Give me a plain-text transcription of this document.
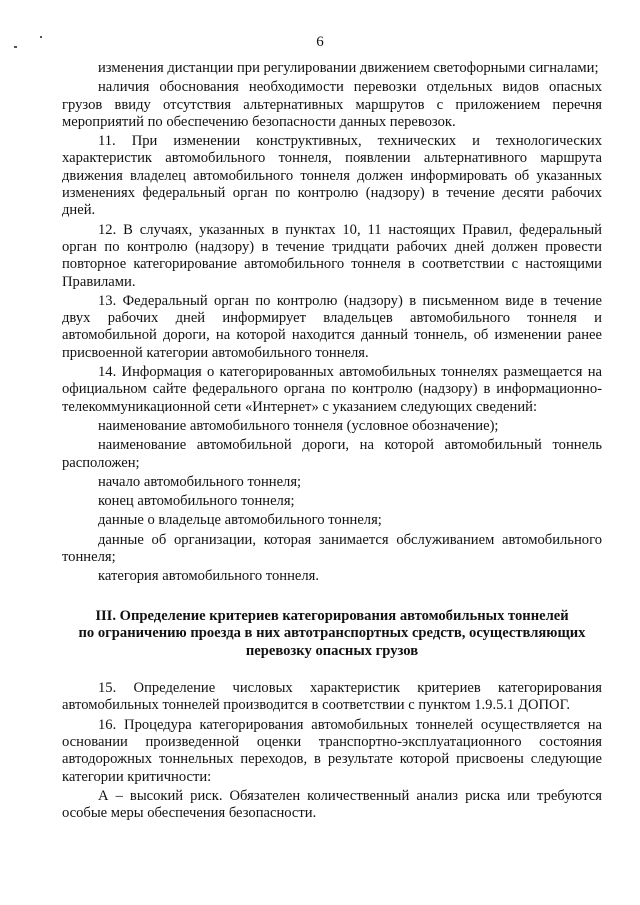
6

изменения дистанции при регулировании движением светофорными сигналами;

наличия обоснования необходимости перевозки отдельных видов опасных грузов ввиду отсутствия альтернативных маршрутов с приложением перечня мероприятий по обеспечению безопасности данных перевозок.

11. При изменении конструктивных, технических и технологических характеристик автомобильного тоннеля, появлении альтернативного маршрута движения владелец автомобильного тоннеля должен информировать об указанных изменениях федеральный орган по контролю (надзору) в течение десяти рабочих дней.

12. В случаях, указанных в пунктах 10, 11 настоящих Правил, федеральный орган по контролю (надзору) в течение тридцати рабочих дней должен провести повторное категорирование автомобильного тоннеля в соответствии с настоящими Правилами.

13. Федеральный орган по контролю (надзору) в письменном виде в течение двух рабочих дней информирует владельцев автомобильного тоннеля и автомобильной дороги, на которой находится данный тоннель, об изменении ранее присвоенной категории автомобильного тоннеля.

14. Информация о категорированных автомобильных тоннелях размещается на официальном сайте федерального органа по контролю (надзору) в информационно-телекоммуникационной сети «Интернет» с указанием следующих сведений:

наименование автомобильного тоннеля (условное обозначение);

наименование автомобильной дороги, на которой автомобильный тоннель расположен;

начало автомобильного тоннеля;

конец автомобильного тоннеля;

данные о владельце автомобильного тоннеля;

данные об организации, которая занимается обслуживанием автомобильного тоннеля;

категория автомобильного тоннеля.

III. Определение критериев категорирования автомобильных тоннелей
по ограничению проезда в них автотранспортных средств, осуществляющих
перевозку опасных грузов

15. Определение числовых характеристик критериев категорирования автомобильных тоннелей производится в соответствии с пунктом 1.9.5.1 ДОПОГ.

16. Процедура категорирования автомобильных тоннелей осуществляется на основании произведенной оценки транспортно-эксплуатационного состояния автодорожных тоннельных переходов, в результате которой присвоены следующие категории критичности:

А – высокий риск. Обязателен количественный анализ риска или требуются особые меры обеспечения безопасности.
